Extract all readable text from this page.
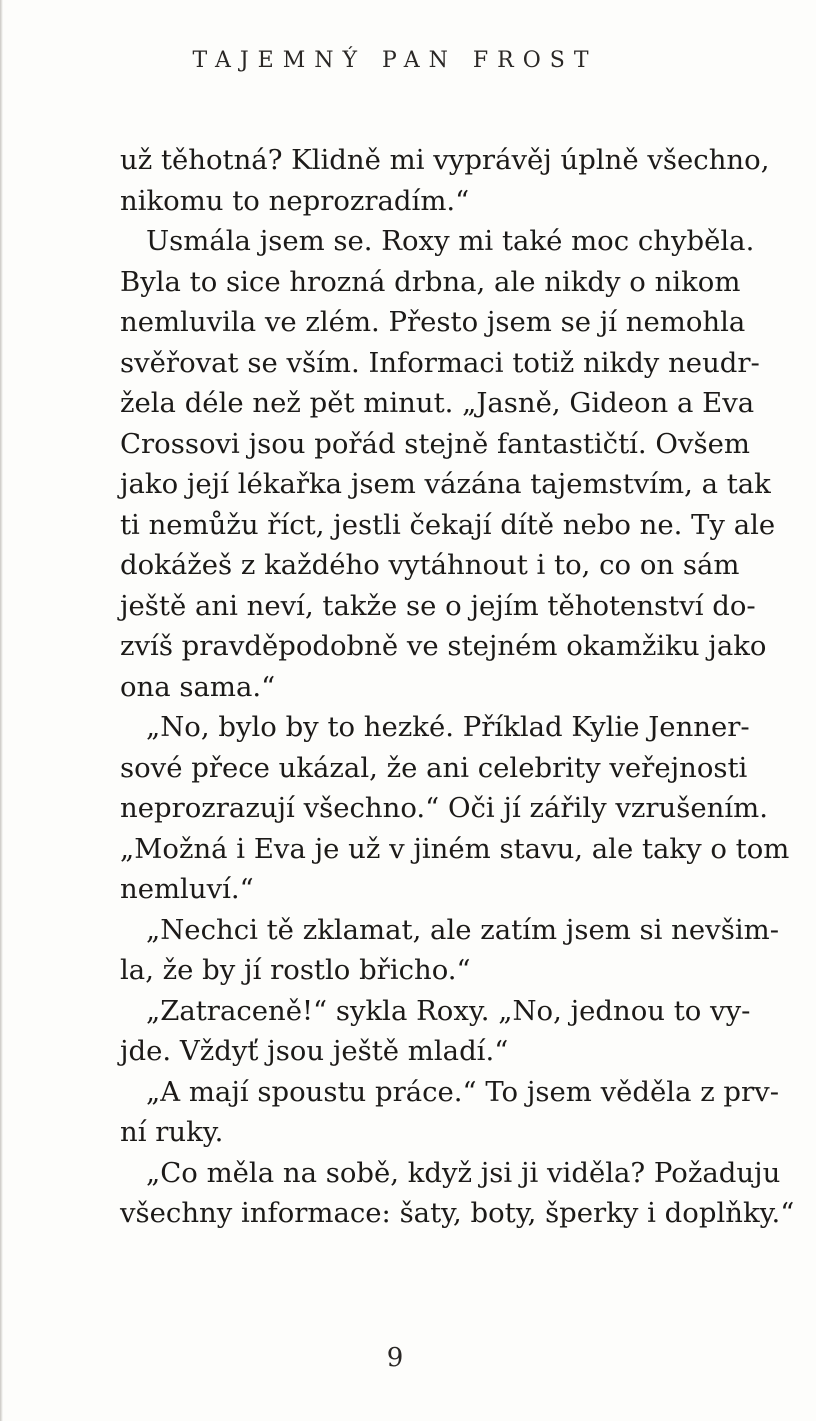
TAJEMNÝ PAN FROST
už těhotná? Klidně mi vyprávěj úplně všechno,
nikomu to neprozradím.“
Usmála jsem se. Roxy mi také moc chyběla.
Byla to sice hrozná drbna, ale nikdy o nikom
nemluvila ve zlém. Přesto jsem se jí nemohla
svěřovat se vším. Informaci totiž nikdy neudr-
žela déle než pět minut. „Jasně, Gideon a Eva
Crossovi jsou pořád stejně fantastičtí. Ovšem
jako její lékařka jsem vázána tajemstvím, a tak
ti nemůžu říct, jestli čekají dítě nebo ne. Ty ale
dokážeš z každého vytáhnout i to, co on sám
ještě ani neví, takže se o jejím těhotenství do-
zvíš pravděpodobně ve stejném okamžiku jako
ona sama.“
„No, bylo by to hezké. Příklad Kylie Jenner-
sové přece ukázal, že ani celebrity veřejnosti
neprozrazují všechno.“ Oči jí zářily vzrušením.
„Možná i Eva je už v jiném stavu, ale taky o tom
nemluví.“
„Nechci tě zklamat, ale zatím jsem si nevšim-
la, že by jí rostlo břicho.“
„Zatraceně!“ sykla Roxy. „No, jednou to vy-
jde. Vždyť jsou ještě mladí.“
„A mají spoustu práce.“ To jsem věděla z prv-
ní ruky.
„Co měla na sobě, když jsi ji viděla? Požaduju
všechny informace: šaty, boty, šperky i doplňky.“
9
